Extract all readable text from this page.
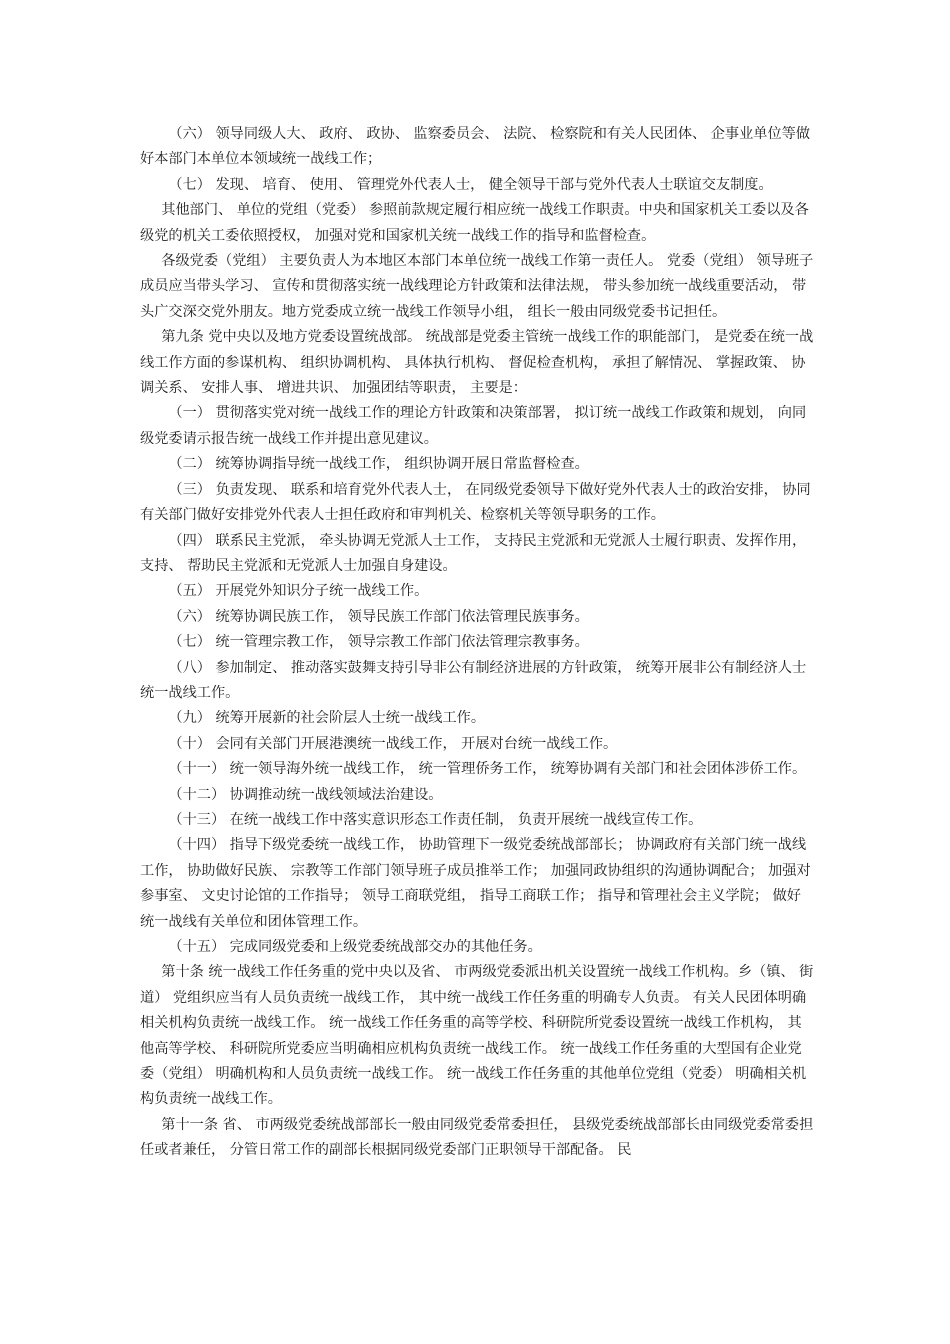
（六） 领导同级人大、 政府、 政协、 监察委员会、 法院、 检察院和有关人民团体、 企事业单位等做好本部门本单位本领域统一战线工作；

（七） 发现、 培育、 使用、 管理党外代表人士， 健全领导干部与党外代表人士联谊交友制度。

其他部门、 单位的党组（党委） 参照前款规定履行相应统一战线工作职责。中央和国家机关工委以及各级党的机关工委依照授权， 加强对党和国家机关统一战线工作的指导和监督检查。

各级党委（党组） 主要负责人为本地区本部门本单位统一战线工作第一责任人。 党委（党组） 领导班子成员应当带头学习、 宣传和贯彻落实统一战线理论方针政策和法律法规， 带头参加统一战线重要活动， 带头广交深交党外朋友。地方党委成立统一战线工作领导小组， 组长一般由同级党委书记担任。

第九条 党中央以及地方党委设置统战部。 统战部是党委主管统一战线工作的职能部门， 是党委在统一战线工作方面的参谋机构、 组织协调机构、 具体执行机构、 督促检查机构， 承担了解情况、 掌握政策、 协调关系、 安排人事、 增进共识、 加强团结等职责， 主要是：

（一） 贯彻落实党对统一战线工作的理论方针政策和决策部署， 拟订统一战线工作政策和规划， 向同级党委请示报告统一战线工作并提出意见建议。

（二） 统筹协调指导统一战线工作， 组织协调开展日常监督检查。

（三） 负责发现、 联系和培育党外代表人士， 在同级党委领导下做好党外代表人士的政治安排， 协同有关部门做好安排党外代表人士担任政府和审判机关、检察机关等领导职务的工作。

（四） 联系民主党派， 牵头协调无党派人士工作， 支持民主党派和无党派人士履行职责、发挥作用， 支持、 帮助民主党派和无党派人士加强自身建设。

（五） 开展党外知识分子统一战线工作。

（六） 统筹协调民族工作， 领导民族工作部门依法管理民族事务。

（七） 统一管理宗教工作， 领导宗教工作部门依法管理宗教事务。

（八） 参加制定、 推动落实鼓舞支持引导非公有制经济进展的方针政策， 统筹开展非公有制经济人士统一战线工作。

（九） 统筹开展新的社会阶层人士统一战线工作。

（十） 会同有关部门开展港澳统一战线工作， 开展对台统一战线工作。

（十一） 统一领导海外统一战线工作， 统一管理侨务工作， 统筹协调有关部门和社会团体涉侨工作。

（十二） 协调推动统一战线领域法治建设。

（十三） 在统一战线工作中落实意识形态工作责任制， 负责开展统一战线宣传工作。

（十四） 指导下级党委统一战线工作， 协助管理下一级党委统战部部长； 协调政府有关部门统一战线工作， 协助做好民族、 宗教等工作部门领导班子成员推举工作； 加强同政协组织的沟通协调配合； 加强对参事室、 文史讨论馆的工作指导； 领导工商联党组， 指导工商联工作； 指导和管理社会主义学院； 做好统一战线有关单位和团体管理工作。

（十五） 完成同级党委和上级党委统战部交办的其他任务。

第十条 统一战线工作任务重的党中央以及省、 市两级党委派出机关设置统一战线工作机构。乡（镇、 街道） 党组织应当有人员负责统一战线工作， 其中统一战线工作任务重的明确专人负责。 有关人民团体明确相关机构负责统一战线工作。 统一战线工作任务重的高等学校、科研院所党委设置统一战线工作机构， 其他高等学校、 科研院所党委应当明确相应机构负责统一战线工作。 统一战线工作任务重的大型国有企业党委（党组） 明确机构和人员负责统一战线工作。 统一战线工作任务重的其他单位党组（党委） 明确相关机构负责统一战线工作。

第十一条 省、 市两级党委统战部部长一般由同级党委常委担任， 县级党委统战部部长由同级党委常委担任或者兼任， 分管日常工作的副部长根据同级党委部门正职领导干部配备。 民
